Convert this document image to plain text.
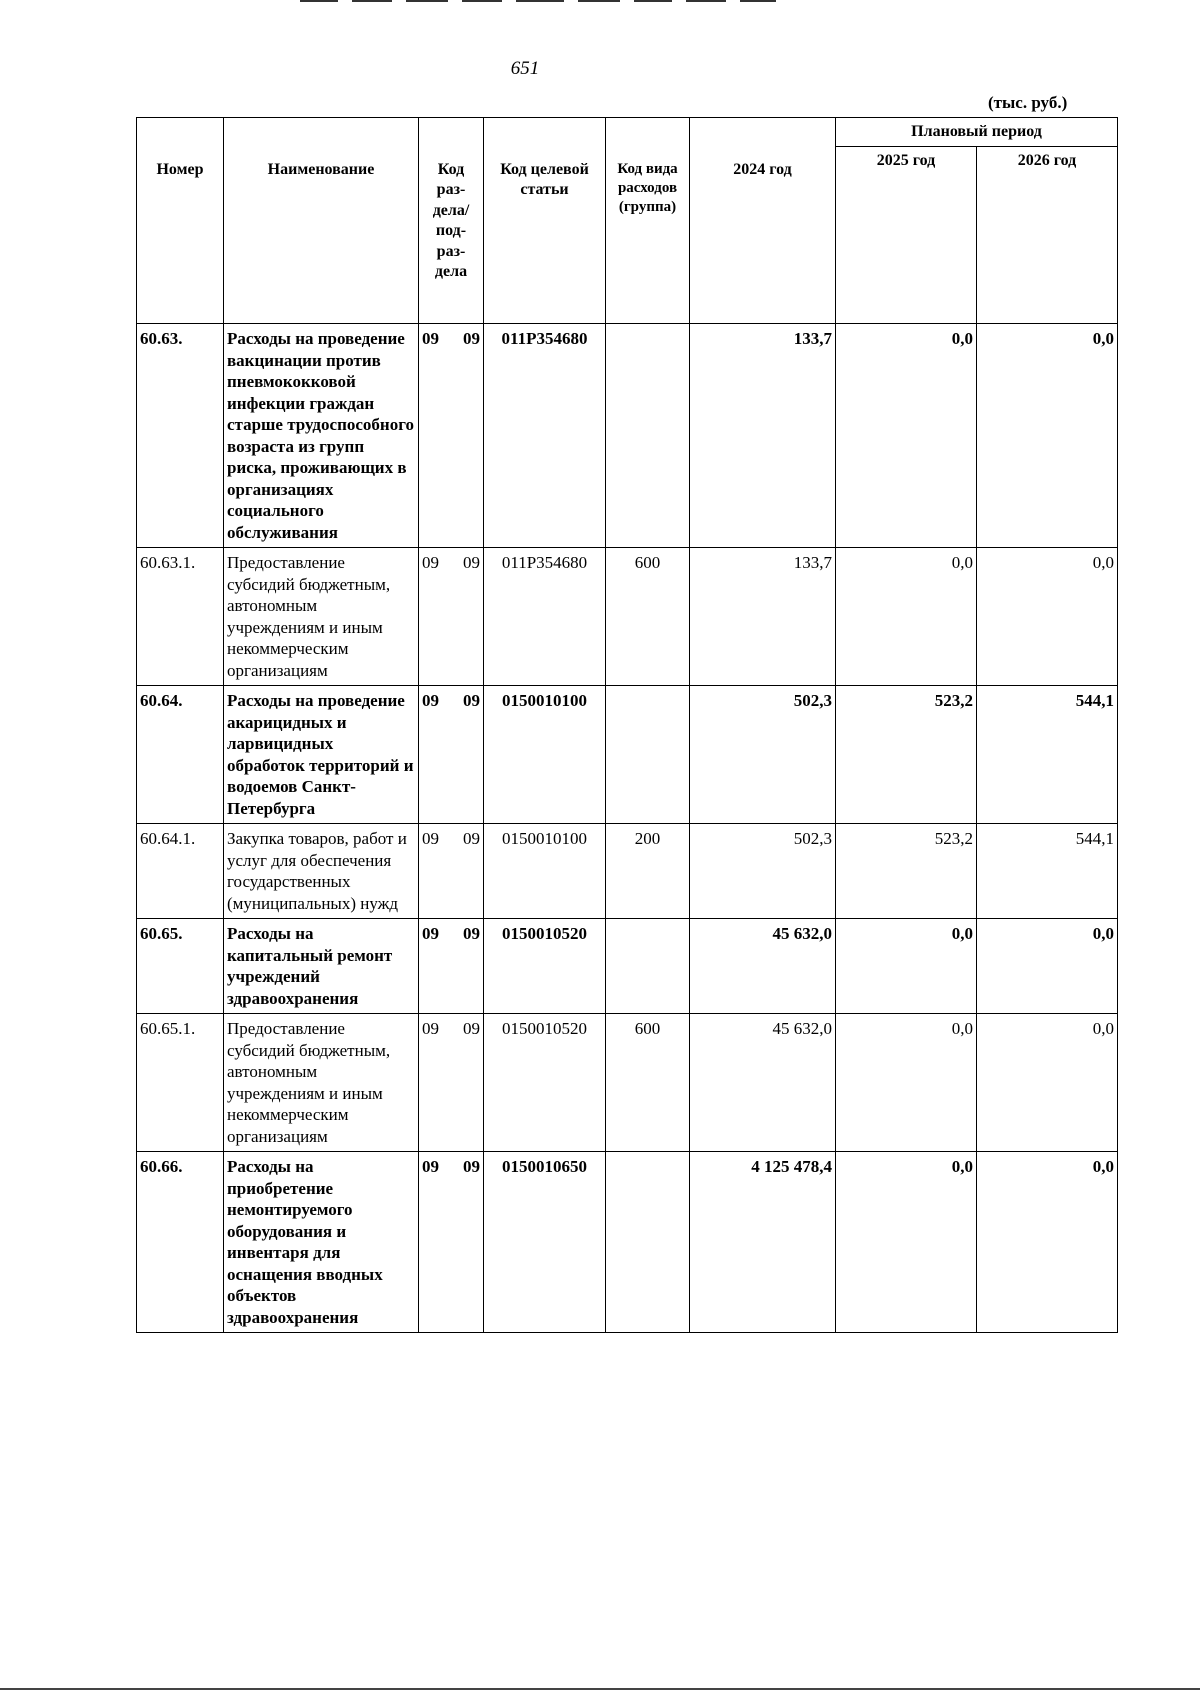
651
(тыс. руб.)
Номер	Наименование	Код раз-дела/ под-раз-дела	Код целевой статьи	Код вида расходов (группа)	2024 год	Плановый период	
						2025 год	2026 год
60.63.	Расходы на проведение вакцинации против пневмококковой инфекции граждан старше трудоспособного возраста из групп риска, проживающих в организациях социального обслуживания	09 09	011P354680		133,7	0,0	0,0
60.63.1.	Предоставление субсидий бюджетным, автономным учреждениям и иным некоммерческим организациям	09 09	011P354680	600	133,7	0,0	0,0
60.64.	Расходы на проведение акарицидных и ларвицидных обработок территорий и водоемов Санкт-Петербурга	09 09	0150010100		502,3	523,2	544,1
60.64.1.	Закупка товаров, работ и услуг для обеспечения государственных (муниципальных) нужд	09 09	0150010100	200	502,3	523,2	544,1
60.65.	Расходы на капитальный ремонт учреждений здравоохранения	09 09	0150010520		45 632,0	0,0	0,0
60.65.1.	Предоставление субсидий бюджетным, автономным учреждениям и иным некоммерческим организациям	09 09	0150010520	600	45 632,0	0,0	0,0
60.66.	Расходы на приобретение немонтируемого оборудования и инвентаря для оснащения вводных объектов здравоохранения	09 09	0150010650		4 125 478,4	0,0	0,0
